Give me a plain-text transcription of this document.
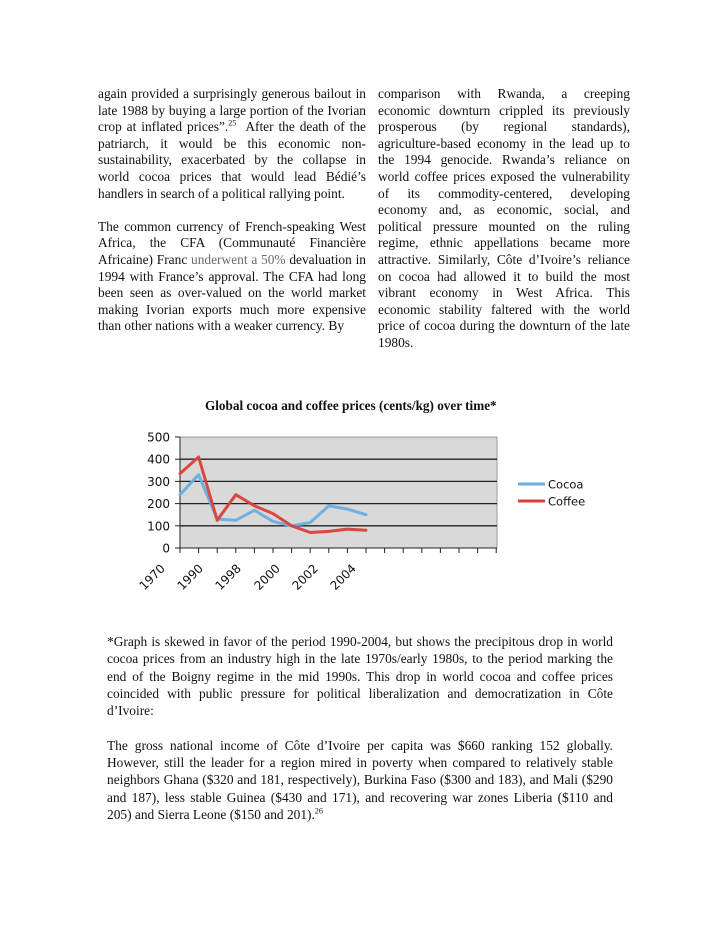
again provided a surprisingly generous bailout in late 1988 by buying a large portion of the Ivorian crop at inflated prices”.$^{25}$  After the death of the patriarch, it would be this economic non-sustainability, exacerbated by the collapse in world cocoa prices that would lead Bédié’s handlers in search of a political rallying point.

The common currency of French-speaking West Africa, the CFA (Communauté Financière Africaine) Franc underwent a 50% devaluation in 1994 with France’s approval. The CFA had long been seen as over-valued on the world market making Ivorian exports much more expensive than other nations with a weaker currency. By

comparison with Rwanda, a creeping economic downturn crippled its previously prosperous (by regional standards), agriculture-based economy in the lead up to the 1994 genocide. Rwanda’s reliance on world coffee prices exposed the vulnerability of its commodity-centered, developing economy and, as economic, social, and political pressure mounted on the ruling regime, ethnic appellations became more attractive. Similarly, Côte d’Ivoire’s reliance on cocoa had allowed it to build the most vibrant economy in West Africa. This economic stability faltered with the world price of cocoa during the downturn of the late 1980s.

Global cocoa and coffee prices (cents/kg) over time*
0
100
200
300
400
500
1970 1990 1998 2000 2002 2004
Cocoa
Coffee

*Graph is skewed in favor of the period 1990-2004, but shows the precipitous drop in world cocoa prices from an industry high in the late 1970s/early 1980s, to the period marking the end of the Boigny regime in the mid 1990s. This drop in world cocoa and coffee prices coincided with public pressure for political liberalization and democratization in Côte d’Ivoire:

The gross national income of Côte d’Ivoire per capita was $660 ranking 152 globally. However, still the leader for a region mired in poverty when compared to relatively stable neighbors Ghana ($320 and 181, respectively), Burkina Faso ($300 and 183), and Mali ($290 and 187), less stable Guinea ($430 and 171), and recovering war zones Liberia ($110 and 205) and Sierra Leone ($150 and 201).$^{26}$
